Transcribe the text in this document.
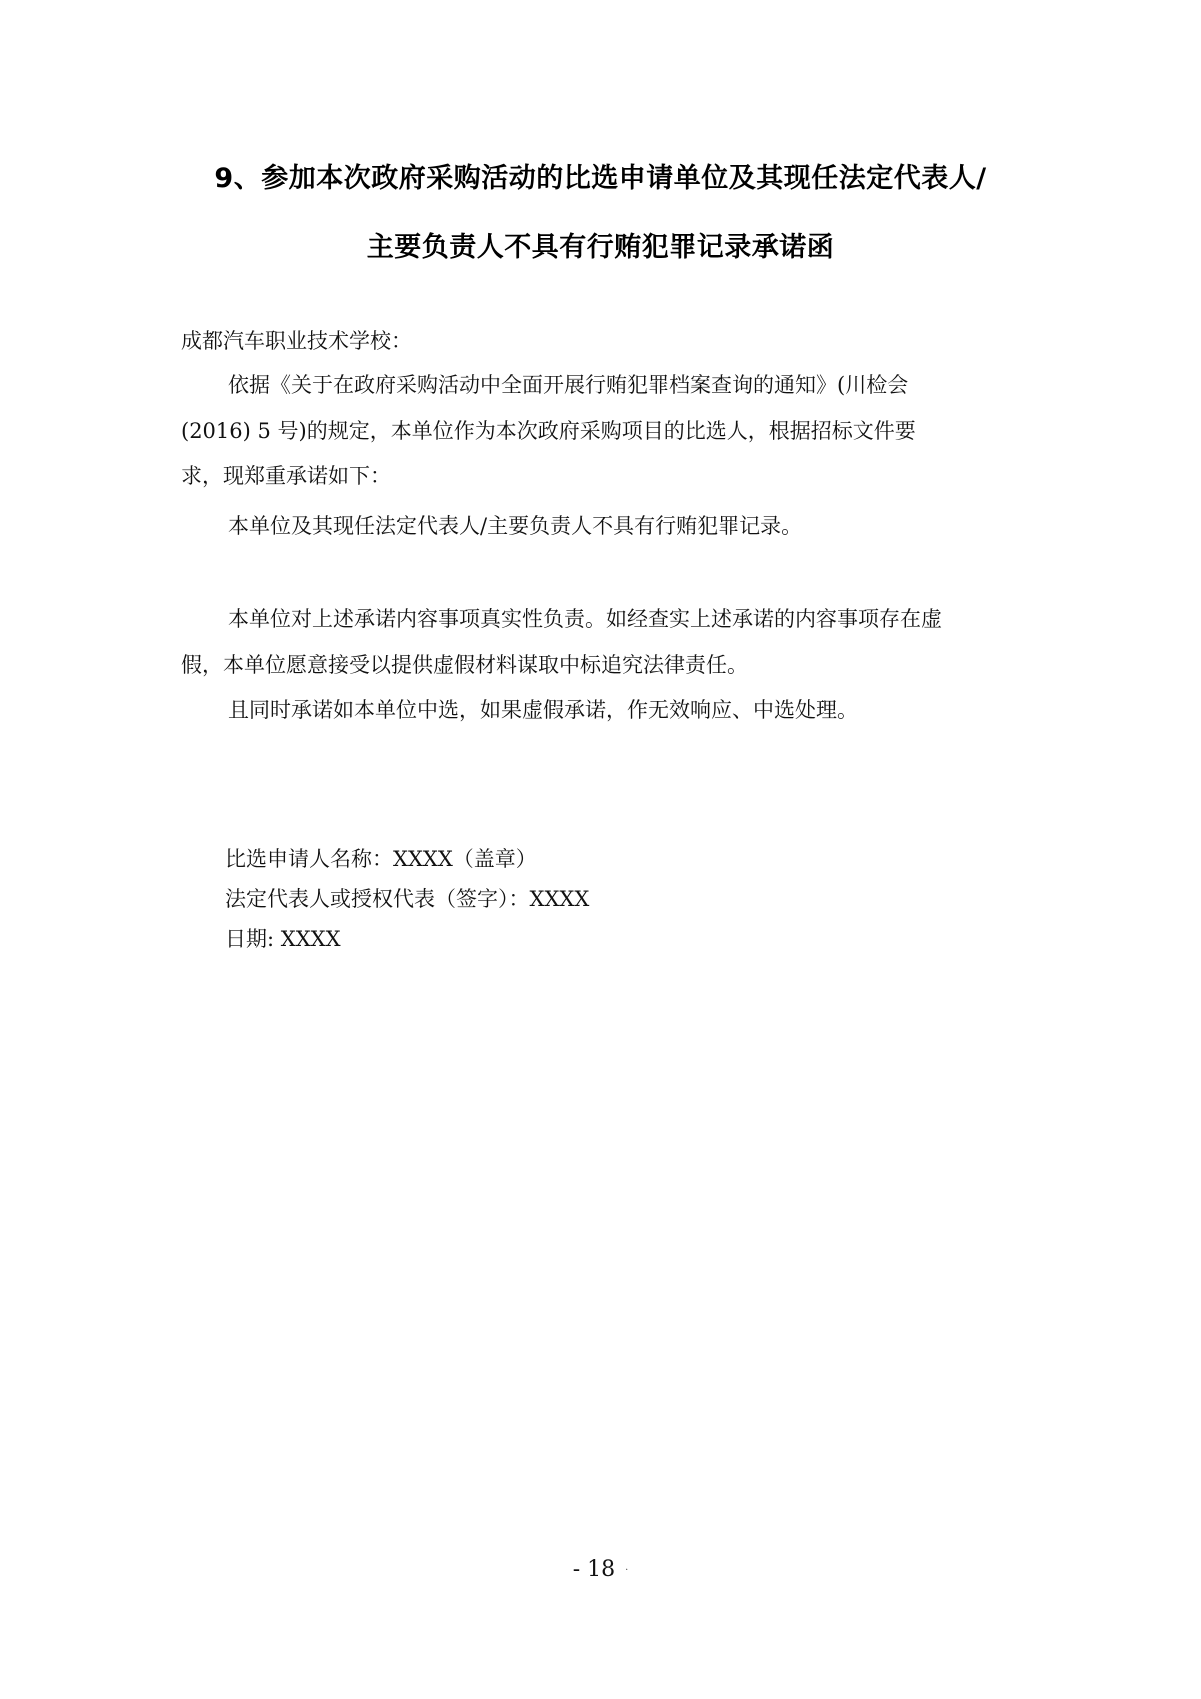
9、参加本次政府采购活动的比选申请单位及其现任法定代表人/
主要负责人不具有行贿犯罪记录承诺函
成都汽车职业技术学校：
依据《关于在政府采购活动中全面开展行贿犯罪档案查询的通知》(川检会
(2016) 5 号)的规定，本单位作为本次政府采购项目的比选人，根据招标文件要
求，现郑重承诺如下：
本单位及其现任法定代表人/主要负责人不具有行贿犯罪记录。
本单位对上述承诺内容事项真实性负责。如经查实上述承诺的内容事项存在虚
假，本单位愿意接受以提供虚假材料谋取中标追究法律责任。
且同时承诺如本单位中选，如果虚假承诺，作无效响应、中选处理。
比选申请人名称：XXXX（盖章）
法定代表人或授权代表（签字）：XXXX
日期: XXXX
- 18 ·
